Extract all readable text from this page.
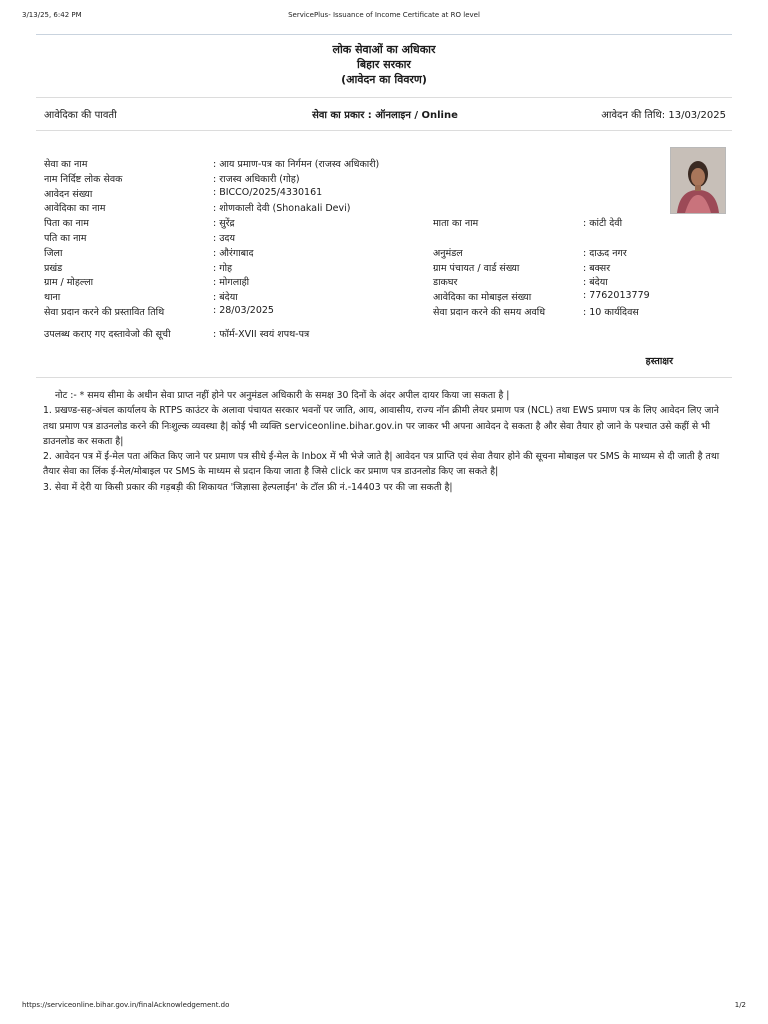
3/13/25, 6:42 PM	ServicePlus- Issuance of Income Certificate at RO level
लोक सेवाओं का अधिकार
बिहार सरकार
(आवेदन का विवरण)
आवेदिका की पावती	सेवा का प्रकार : ऑनलाइन / Online	आवेदन की तिथि: 13/03/2025
सेवा का नाम	: आय प्रमाण-पत्र का निर्गमन (राजस्व अधिकारी)
नाम निर्दिष्ट लोक सेवक	: राजस्व अधिकारी (गोह)
आवेदन संख्या	: BICCO/2025/4330161
आवेदिका का नाम	: शोणकाली देवी (Shonakali Devi)
पिता का नाम	: सुरेंद्र	माता का नाम	: कांटी देवी
पति का नाम	: उदय
जिला	: औरंगाबाद	अनुमंडल	: दाऊद नगर
प्रखंड	: गोह	ग्राम पंचायत / वार्ड संख्या	: बक्सर
ग्राम / मोहल्ला	: मोगलाही	डाकघर	: बंदेया
थाना	: बंदेया	आवेदिका का मोबाइल संख्या	: 7762013779
सेवा प्रदान करने की प्रस्तावित तिथि	: 28/03/2025	सेवा प्रदान करने की समय अवधि	: 10 कार्यदिवस
उपलब्ध कराए गए दस्तावेजो की सूची	: फॉर्म-XVII स्वयं शपथ-पत्र
हस्ताक्षर

नोट :- * समय सीमा के अधीन सेवा प्राप्त नहीं होने पर अनुमंडल अधिकारी के समक्ष 30 दिनों के अंदर अपील दायर किया जा सकता है |

1. प्रखण्ड-सह-अंचल कार्यालय के RTPS काउंटर के अलावा पंचायत सरकार भवनों पर जाति, आय, आवासीय, राज्य नॉन क्रीमी लेयर प्रमाण पत्र (NCL) तथा EWS प्रमाण पत्र के लिए आवेदन लिए जाने तथा प्रमाण पत्र डाउनलोड करने की निःशुल्क व्यवस्था है| कोई भी व्यक्ति serviceonline.bihar.gov.in पर जाकर भी अपना आवेदन दे सकता है और सेवा तैयार हो जाने के पश्चात उसे कहीं से भी डाउनलोड कर सकता है|

2. आवेदन पत्र में ई-मेल पता अंकित किए जाने पर प्रमाण पत्र सीधे ई-मेल के Inbox में भी भेजे जाते है| आवेदन पत्र प्राप्ति एवं सेवा तैयार होने की सूचना मोबाइल पर SMS के माध्यम से दी जाती है तथा तैयार सेवा का लिंक ई-मेल/मोबाइल पर SMS के माध्यम से प्रदान किया जाता है जिसे click कर प्रमाण पत्र डाउनलोड किए जा सकते है|

3. सेवा में देरी या किसी प्रकार की गड़बड़ी की शिकायत 'जिज्ञासा हेल्पलाईन' के टॉल फ्री नं.-14403 पर की जा सकती है|

https://serviceonline.bihar.gov.in/finalAcknowledgement.do	1/2
